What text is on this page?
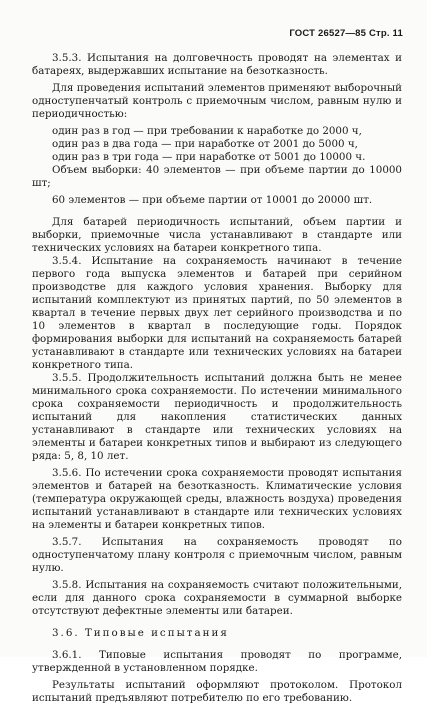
ГОСТ 26527—85 Стр. 11

3.5.3. Испытания на долговечность проводят на элементах и батареях, выдержавших испытание на безотказность.

Для проведения испытаний элементов применяют выборочный одноступенчатый контроль с приемочным числом, равным нулю и периодичностью:

один раз в год — при требовании к наработке до 2000 ч,

один раз в два года — при наработке от 2001 до 5000 ч,

один раз в три года — при наработке от 5001 до 10000 ч.

Объем выборки: 40 элементов — при объеме партии до 10000 шт;

60 элементов — при объеме партии от 10001 до 20000 шт.

Для батарей периодичность испытаний, объем партии и выборки, приемочные числа устанавливают в стандарте или технических условиях на батареи конкретного типа.

3.5.4. Испытание на сохраняемость начинают в течение первого года выпуска элементов и батарей при серийном производстве для каждого условия хранения. Выборку для испытаний комплектуют из принятых партий, по 50 элементов в квартал в течение первых двух лет серийного производства и по 10 элементов в квартал в последующие годы. Порядок формирования выборки для испытаний на сохраняемость батарей устанавливают в стандарте или технических условиях на батареи конкретного типа.

3.5.5. Продолжительность испытаний должна быть не менее минимального срока сохраняемости. По истечении минимального срока сохраняемости периодичность и продолжительность испытаний для накопления статистических данных устанавливают в стандарте или технических условиях на элементы и батареи конкретных типов и выбирают из следующего ряда: 5, 8, 10 лет.

3.5.6. По истечении срока сохраняемости проводят испытания элементов и батарей на безотказность. Климатические условия (температура окружающей среды, влажность воздуха) проведения испытаний устанавливают в стандарте или технических условиях на элементы и батареи конкретных типов.

3.5.7. Испытания на сохраняемость проводят по одноступенчатому плану контроля с приемочным числом, равным нулю.

3.5.8. Испытания на сохраняемость считают положительными, если для данного срока сохраняемости в суммарной выборке отсутствуют дефектные элементы или батареи.

3.6. Типовые испытания

3.6.1. Типовые испытания проводят по программе, утвержденной в установленном порядке.

Результаты испытаний оформляют протоколом. Протокол испытаний предъявляют потребителю по его требованию.
